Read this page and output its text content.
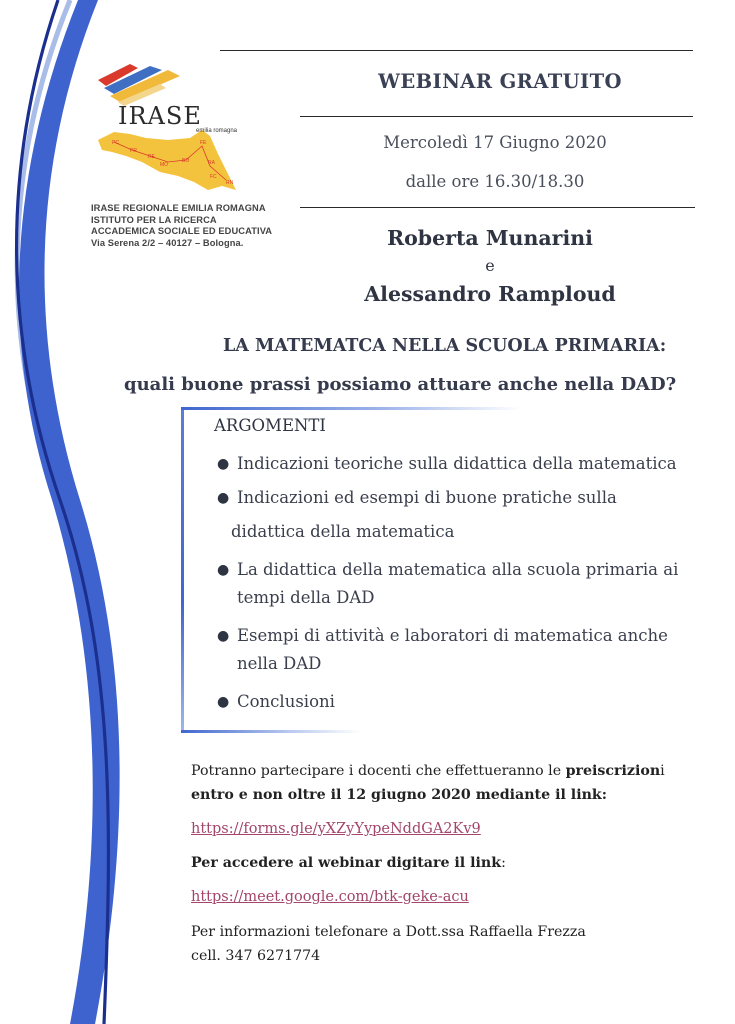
PC
PR
RE
MO
BO
FE
RA
FC
RN
IRASE
emilia romagna
IRASE REGIONALE EMILIA ROMAGNA
ISTITUTO PER LA RICERCA
ACCADEMICA SOCIALE ED EDUCATIVA
Via Serena 2/2 – 40127 – Bologna.
WEBINAR GRATUITO
Mercoledì 17 Giugno 2020
dalle ore 16.30/18.30
Roberta Munarini
e
Alessandro Ramploud
LA MATEMATCA NELLA SCUOLA PRIMARIA:
quali buone prassi possiamo attuare anche nella DAD?
ARGOMENTI
● Indicazioni teoriche sulla didattica della matematica
● Indicazioni ed esempi di buone pratiche sulla
didattica della matematica
● La didattica della matematica alla scuola primaria ai
tempi della DAD
● Esempi di attività e laboratori di matematica anche
nella DAD
● Conclusioni
Potranno partecipare i docenti che effettueranno le preiscrizioni
entro e non oltre il 12 giugno 2020 mediante il link:
https://forms.gle/yXZyYypeNddGA2Kv9
Per accedere al webinar digitare il link:
https://meet.google.com/btk-geke-acu
Per informazioni telefonare a Dott.ssa Raffaella Frezza
cell. 347 6271774
